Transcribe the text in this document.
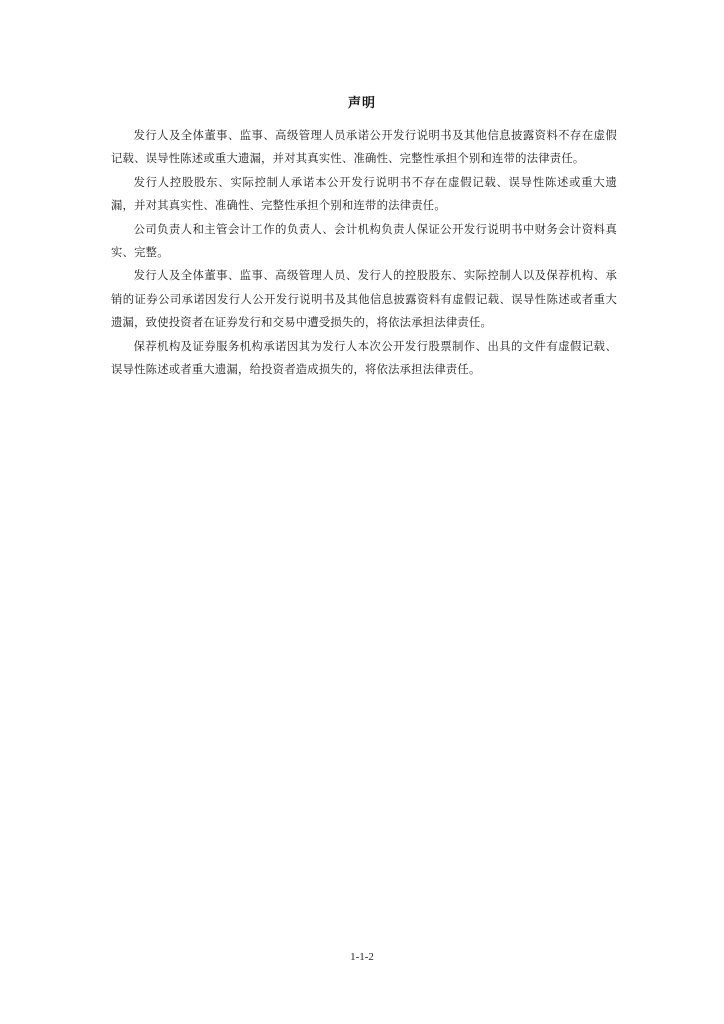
声明

发行人及全体董事、监事、高级管理人员承诺公开发行说明书及其他信息披露资料不存在虚假记载、误导性陈述或重大遗漏，并对其真实性、准确性、完整性承担个别和连带的法律责任。

发行人控股股东、实际控制人承诺本公开发行说明书不存在虚假记载、误导性陈述或重大遗漏，并对其真实性、准确性、完整性承担个别和连带的法律责任。

公司负责人和主管会计工作的负责人、会计机构负责人保证公开发行说明书中财务会计资料真实、完整。

发行人及全体董事、监事、高级管理人员、发行人的控股股东、实际控制人以及保荐机构、承销的证券公司承诺因发行人公开发行说明书及其他信息披露资料有虚假记载、误导性陈述或者重大遗漏，致使投资者在证券发行和交易中遭受损失的，将依法承担法律责任。

保荐机构及证券服务机构承诺因其为发行人本次公开发行股票制作、出具的文件有虚假记载、误导性陈述或者重大遗漏，给投资者造成损失的，将依法承担法律责任。

1-1-2
